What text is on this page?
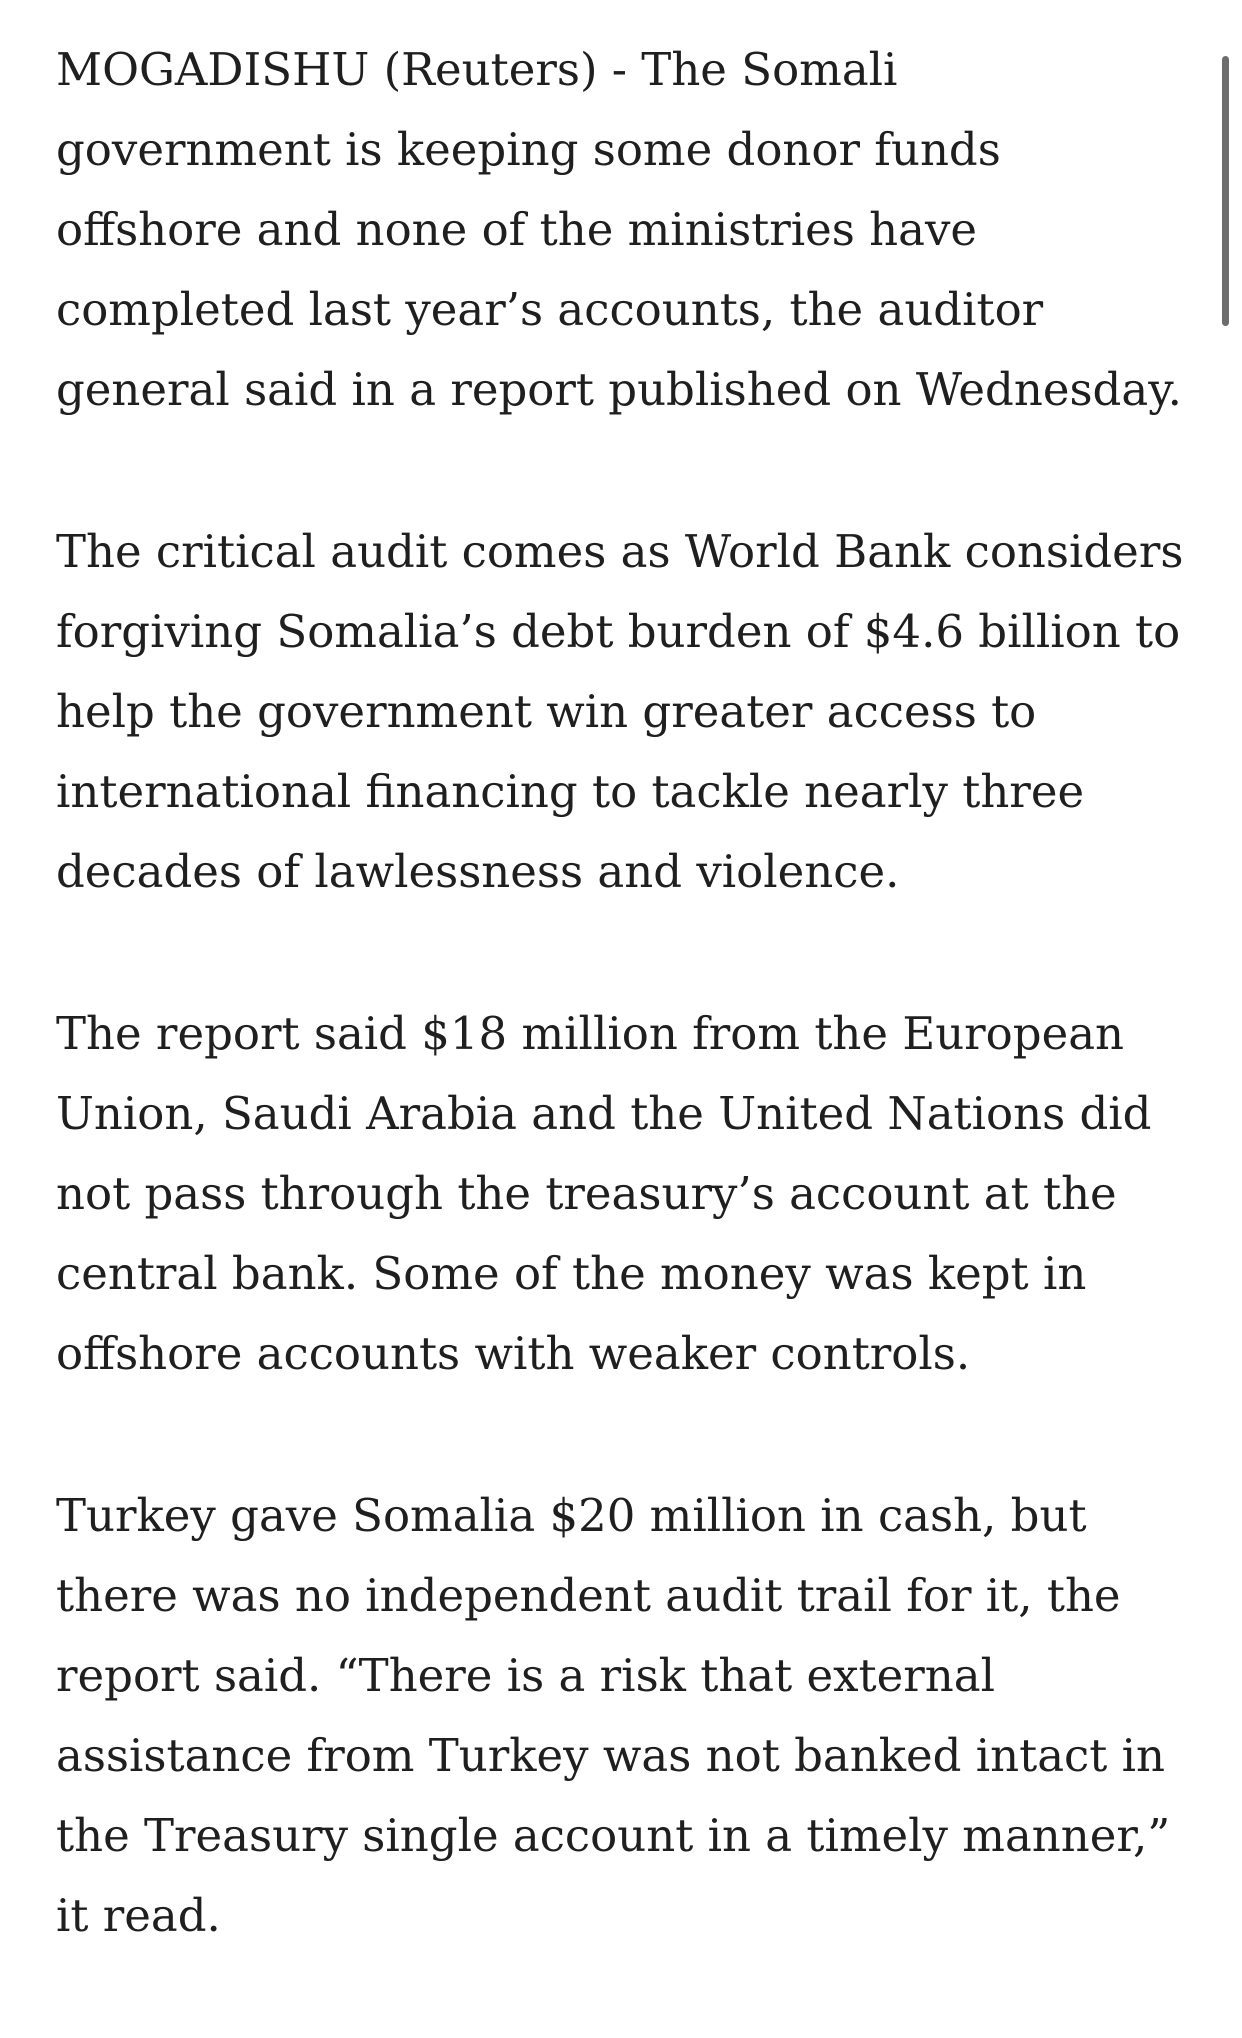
MOGADISHU (Reuters) - The Somali government is keeping some donor funds offshore and none of the ministries have completed last year’s accounts, the auditor general said in a report published on Wednesday.

The critical audit comes as World Bank considers forgiving Somalia’s debt burden of $4.6 billion to help the government win greater access to international financing to tackle nearly three decades of lawlessness and violence.

The report said $18 million from the European Union, Saudi Arabia and the United Nations did not pass through the treasury’s account at the central bank. Some of the money was kept in offshore accounts with weaker controls.

Turkey gave Somalia $20 million in cash, but there was no independent audit trail for it, the report said. “There is a risk that external assistance from Turkey was not banked intact in the Treasury single account in a timely manner,” it read.
